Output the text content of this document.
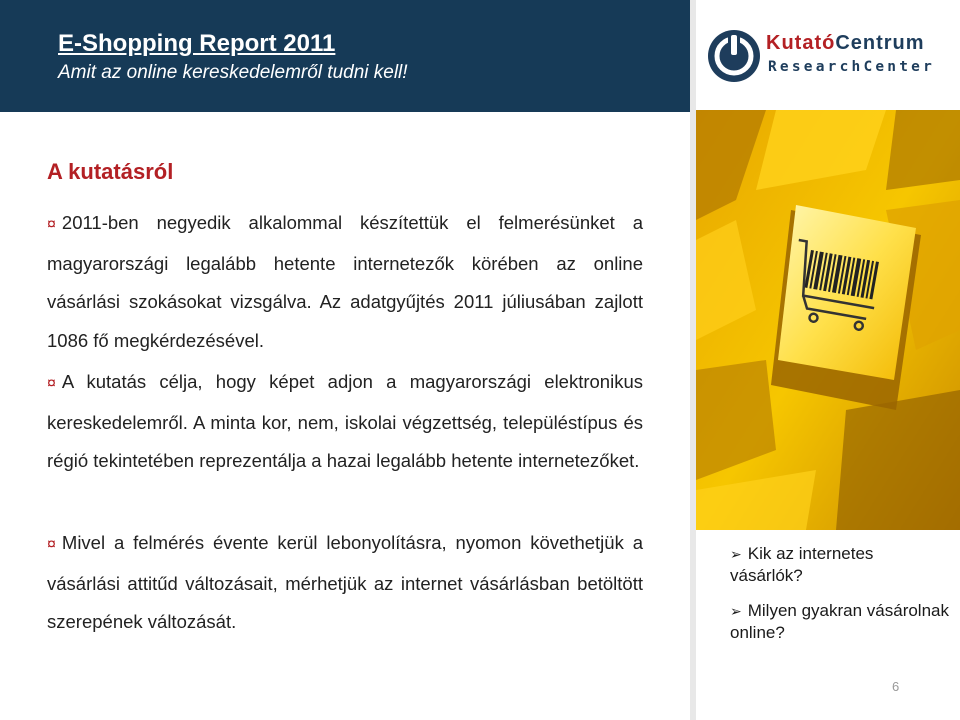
E-Shopping Report 2011
Amit az online kereskedelemről tudni kell!
KutatóCentrum
ResearchCenter
A kutatásról
¤ 2011-ben negyedik alkalommal készítettük el felmerésünket a magyarországi legalább hetente internetezők körében az online vásárlási szokásokat vizsgálva. Az adatgyűjtés 2011 júliusában zajlott 1086 fő megkérdezésével.
¤ A kutatás célja, hogy képet adjon a magyarországi elektronikus kereskedelemről. A minta kor, nem, iskolai végzettség, településtípus és régió tekintetében reprezentálja a hazai legalább hetente internetezőket.
¤ Mivel a felmérés évente kerül lebonyolításra, nyomon követhetjük a vásárlási attitűd változásait, mérhetjük az internet vásárlásban betöltött szerepének változását.
➢ Kik az internetes vásárlók?
➢ Milyen gyakran vásárolnak online?
6
